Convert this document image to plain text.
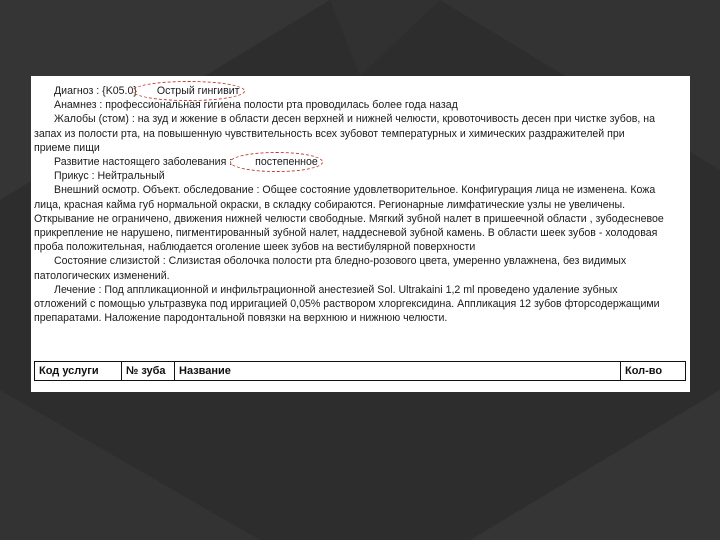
Диагноз : {K05.0} Острый гингивит

Анамнез : профессиональная гигиена полости рта проводилась более года назад

Жалобы (стом) : на зуд и жжение в области десен верхней и нижней челюсти, кровоточивость десен при чистке зубов, на запах из полости рта, на повышенную чувствительность всех зубовот температурных и химических раздражителей при приеме пищи

Развитие настоящего заболевания : постепенное

Прикус : Нейтральный

Внешний осмотр. Объект. обследование : Общее состояние удовлетворительное. Конфигурация лица не изменена. Кожа лица, красная кайма губ нормальной окраски, в складку собираются. Регионарные лимфатические узлы не увеличены. Открывание не ограничено, движения нижней челюсти свободные. Мягкий зубной налет в пришеечной области , зубодесневое прикрепление не нарушено, пигментированный зубной налет, наддесневой зубной камень. В области шеек зубов - холодовая проба положительная, наблюдается оголение шеек зубов на вестибулярной поверхности

Состояние слизистой : Слизистая оболочка полости рта бледно-розового цвета, умеренно увлажнена, без видимых патологических изменений.

Лечение : Под аппликационной и инфильтрационной анестезией Sol. Ultrakaini 1,2 ml проведено удаление зубных отложений с помощью ультразвука под ирригацией 0,05% раствором хлоргексидина. Аппликация 12 зубов фтoрсодержащими препаратами. Наложение пародонтальной повязки на верхнюю и нижнюю челюсти.

Код услуги	№ зуба	Название	Кол-во
